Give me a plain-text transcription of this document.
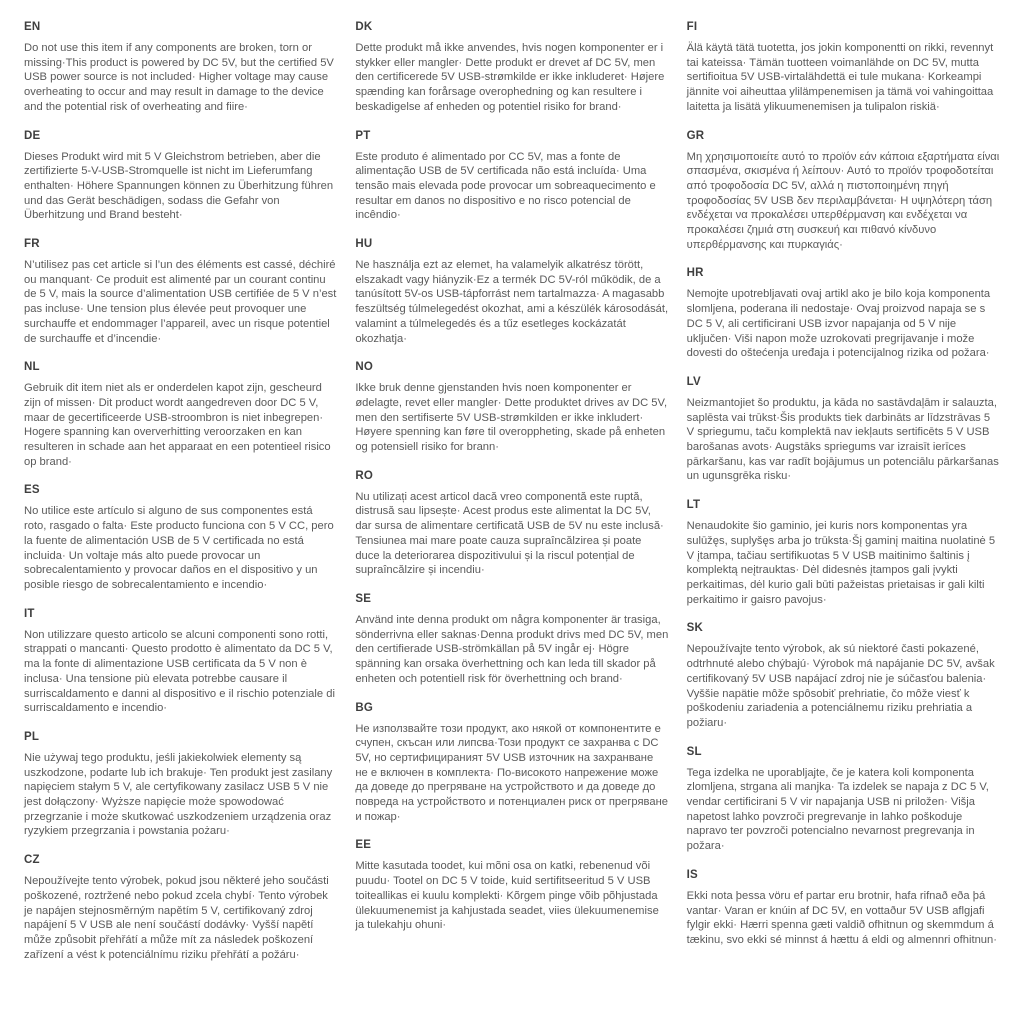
EN

Do not use this item if any components are broken, torn or missing·This product is powered by DC 5V, but the certified 5V USB power source is not included· Higher voltage may cause overheating to occur and may result in damage to the device and the potential risk of overheating and fiire·

DE

Dieses Produkt wird mit 5 V Gleichstrom betrieben, aber die zertifizierte 5-V-USB-Stromquelle ist nicht im Lieferumfang enthalten· Höhere Spannungen können zu Überhitzung führen und das Gerät beschädigen, sodass die Gefahr von Überhitzung und Brand besteht·

FR

N’utilisez pas cet article si l’un des éléments est cassé, déchiré ou manquant· Ce produit est alimenté par un courant continu de 5 V, mais la source d’alimentation USB certifiée de 5 V n’est pas incluse· Une tension plus élevée peut provoquer une surchauffe et endommager l’appareil, avec un risque potentiel de surchauffe et d’incendie·

NL

Gebruik dit item niet als er onderdelen kapot zijn, gescheurd zijn of missen· Dit product wordt aangedreven door DC 5 V, maar de gecertificeerde USB-stroombron is niet inbegrepen· Hogere spanning kan oververhitting veroorzaken en kan resulteren in schade aan het apparaat en een potentieel risico op brand·

ES

No utilice este artículo si alguno de sus componentes está roto, rasgado o falta· Este producto funciona con 5 V CC, pero la fuente de alimentación USB de 5 V certificada no está incluida· Un voltaje más alto puede provocar un sobrecalentamiento y provocar daños en el dispositivo y un posible riesgo de sobrecalentamiento e incendio·

IT

Non utilizzare questo articolo se alcuni componenti sono rotti, strappati o mancanti· Questo prodotto è alimentato da DC 5 V, ma la fonte di alimentazione USB certificata da 5 V non è inclusa· Una tensione più elevata potrebbe causare il surriscaldamento e danni al dispositivo e il rischio potenziale di surriscaldamento e incendio·

PL

Nie używaj tego produktu, jeśli jakiekolwiek elementy są uszkodzone, podarte lub ich brakuje· Ten produkt jest zasilany napięciem stałym 5 V, ale certyfikowany zasilacz USB 5 V nie jest dołączony· Wyższe napięcie może spowodować przegrzanie i może skutkować uszkodzeniem urządzenia oraz ryzykiem przegrzania i powstania pożaru·

CZ

Nepoužívejte tento výrobek, pokud jsou některé jeho součásti poškozené, roztržené nebo pokud zcela chybí· Tento výrobek je napájen stejnosměrným napětím 5 V, certifikovaný zdroj napájení 5 V USB ale není součástí dodávky· Vyšší napětí může způsobit přehřátí a může mít za následek poškození zařízení a vést k potenciálnímu riziku přehřátí a požáru·

DK

Dette produkt må ikke anvendes, hvis nogen komponenter er i stykker eller mangler· Dette produkt er drevet af DC 5V, men den certificerede 5V USB-strømkilde er ikke inkluderet· Højere spænding kan forårsage overophedning og kan resultere i beskadigelse af enheden og potentiel risiko for brand·

PT

Este produto é alimentado por CC 5V, mas a fonte de alimentação USB de 5V certificada não está incluída· Uma tensão mais elevada pode provocar um sobreaquecimento e resultar em danos no dispositivo e no risco potencial de incêndio·

HU

Ne használja ezt az elemet, ha valamelyik alkatrész törött, elszakadt vagy hiányzik·Ez a termék DC 5V-ról működik, de a tanúsított 5V-os USB-tápforrást nem tartalmazza· A magasabb feszültség túlmelegedést okozhat, ami a készülék károsodását, valamint a túlmelegedés és a tűz esetleges kockázatát okozhatja·

NO

Ikke bruk denne gjenstanden hvis noen komponenter er ødelagte, revet eller mangler· Dette produktet drives av DC 5V, men den sertifiserte 5V USB-strømkilden er ikke inkludert· Høyere spenning kan føre til overoppheting, skade på enheten og potensiell risiko for brann·

RO

Nu utilizați acest articol dacă vreo componentă este ruptă, distrusă sau lipsește· Acest produs este alimentat la DC 5V, dar sursa de alimentare certificată USB de 5V nu este inclusă· Tensiunea mai mare poate cauza supraîncălzirea și poate duce la deteriorarea dispozitivului și la riscul potențial de supraîncălzire și incendiu·

SE

Använd inte denna produkt om några komponenter är trasiga, sönderrivna eller saknas·Denna produkt drivs med DC 5V, men den certifierade USB-strömkällan på 5V ingår ej· Högre spänning kan orsaka överhettning och kan leda till skador på enheten och potentiell risk för överhettning och brand·

BG

Не използвайте този продукт, ако някой от компонентите е счупен, скъсан или липсва·Този продукт се захранва с DC 5V, но сертифицираният 5V USB източник на захранване не е включен в комплекта· По-високото напрежение може да доведе до прегряване на устройството и да доведе до повреда на устройството и потенциален риск от прегряване и пожар·

EE

Mitte kasutada toodet, kui mõni osa on katki, rebenenud või puudu· Tootel on DC 5 V toide, kuid sertifitseeritud 5 V USB toiteallikas ei kuulu komplekti· Kõrgem pinge võib põhjustada ülekuumenemist ja kahjustada seadet, viies ülekuumenemise ja tulekahju ohuni·

FI

Älä käytä tätä tuotetta, jos jokin komponentti on rikki, revennyt tai kateissa· Tämän tuotteen voimanlähde on DC 5V, mutta sertifioitua 5V USB-virtalähdettä ei tule mukana· Korkeampi jännite voi aiheuttaa ylilämpenemisen ja tämä voi vahingoittaa laitetta ja lisätä ylikuumenemisen ja tulipalon riskiä·

GR

Μη χρησιμοποιείτε αυτό το προϊόν εάν κάποια εξαρτήματα είναι σπασμένα, σκισμένα ή λείπουν· Αυτό το προϊόν τροφοδοτείται από τροφοδοσία DC 5V, αλλά η πιστοποιημένη πηγή τροφοδοσίας 5V USB δεν περιλαμβάνεται· Η υψηλότερη τάση ενδέχεται να προκαλέσει υπερθέρμανση και ενδέχεται να προκαλέσει ζημιά στη συσκευή και πιθανό κίνδυνο υπερθέρμανσης και πυρκαγιάς·

HR

Nemojte upotrebljavati ovaj artikl ako je bilo koja komponenta slomljena, poderana ili nedostaje· Ovaj proizvod napaja se s DC 5 V, ali certificirani USB izvor napajanja od 5 V nije uključen· Viši napon može uzrokovati pregrijavanje i može dovesti do oštećenja uređaja i potencijalnog rizika od požara·

LV

Neizmantojiet šo produktu, ja kāda no sastāvdaļām ir salauzta, saplēsta vai trūkst·Šis produkts tiek darbināts ar līdzstrāvas 5 V spriegumu, taču komplektā nav iekļauts sertificēts 5 V USB barošanas avots· Augstāks spriegums var izraisīt ierīces pārkaršanu, kas var radīt bojājumus un potenciālu pārkaršanas un ugunsgrēka risku·

LT

Nenaudokite šio gaminio, jei kuris nors komponentas yra sulūžęs, suplyšęs arba jo trūksta·Šį gaminį maitina nuolatinė 5 V įtampa, tačiau sertifikuotas 5 V USB maitinimo šaltinis į komplektą neįtrauktas· Dėl didesnės įtampos gali įvykti perkaitimas, dėl kurio gali būti pažeistas prietaisas ir gali kilti perkaitimo ir gaisro pavojus·

SK

Nepoužívajte tento výrobok, ak sú niektoré časti pokazené, odtrhnuté alebo chýbajú· Výrobok má napájanie DC 5V, avšak certifikovaný 5V USB napájací zdroj nie je súčasťou balenia· Vyššie napätie môže spôsobiť prehriatie, čo môže viesť k poškodeniu zariadenia a potenciálnemu riziku prehriatia a požiaru·

SL

Tega izdelka ne uporabljajte, če je katera koli komponenta zlomljena, strgana ali manjka· Ta izdelek se napaja z DC 5 V, vendar certificirani 5 V vir napajanja USB ni priložen· Višja napetost lahko povzroči pregrevanje in lahko poškoduje napravo ter povzroči potencialno nevarnost pregrevanja in požara·

IS

Ekki nota þessa vöru ef partar eru brotnir, hafa rifnað eða þá vantar· Varan er knúin af DC 5V, en vottaður 5V USB aflgjafi fylgir ekki· Hærri spenna gæti valdið ofhitnun og skemmdum á tækinu, svo ekki sé minnst á hættu á eldi og almennri ofhitnun·
